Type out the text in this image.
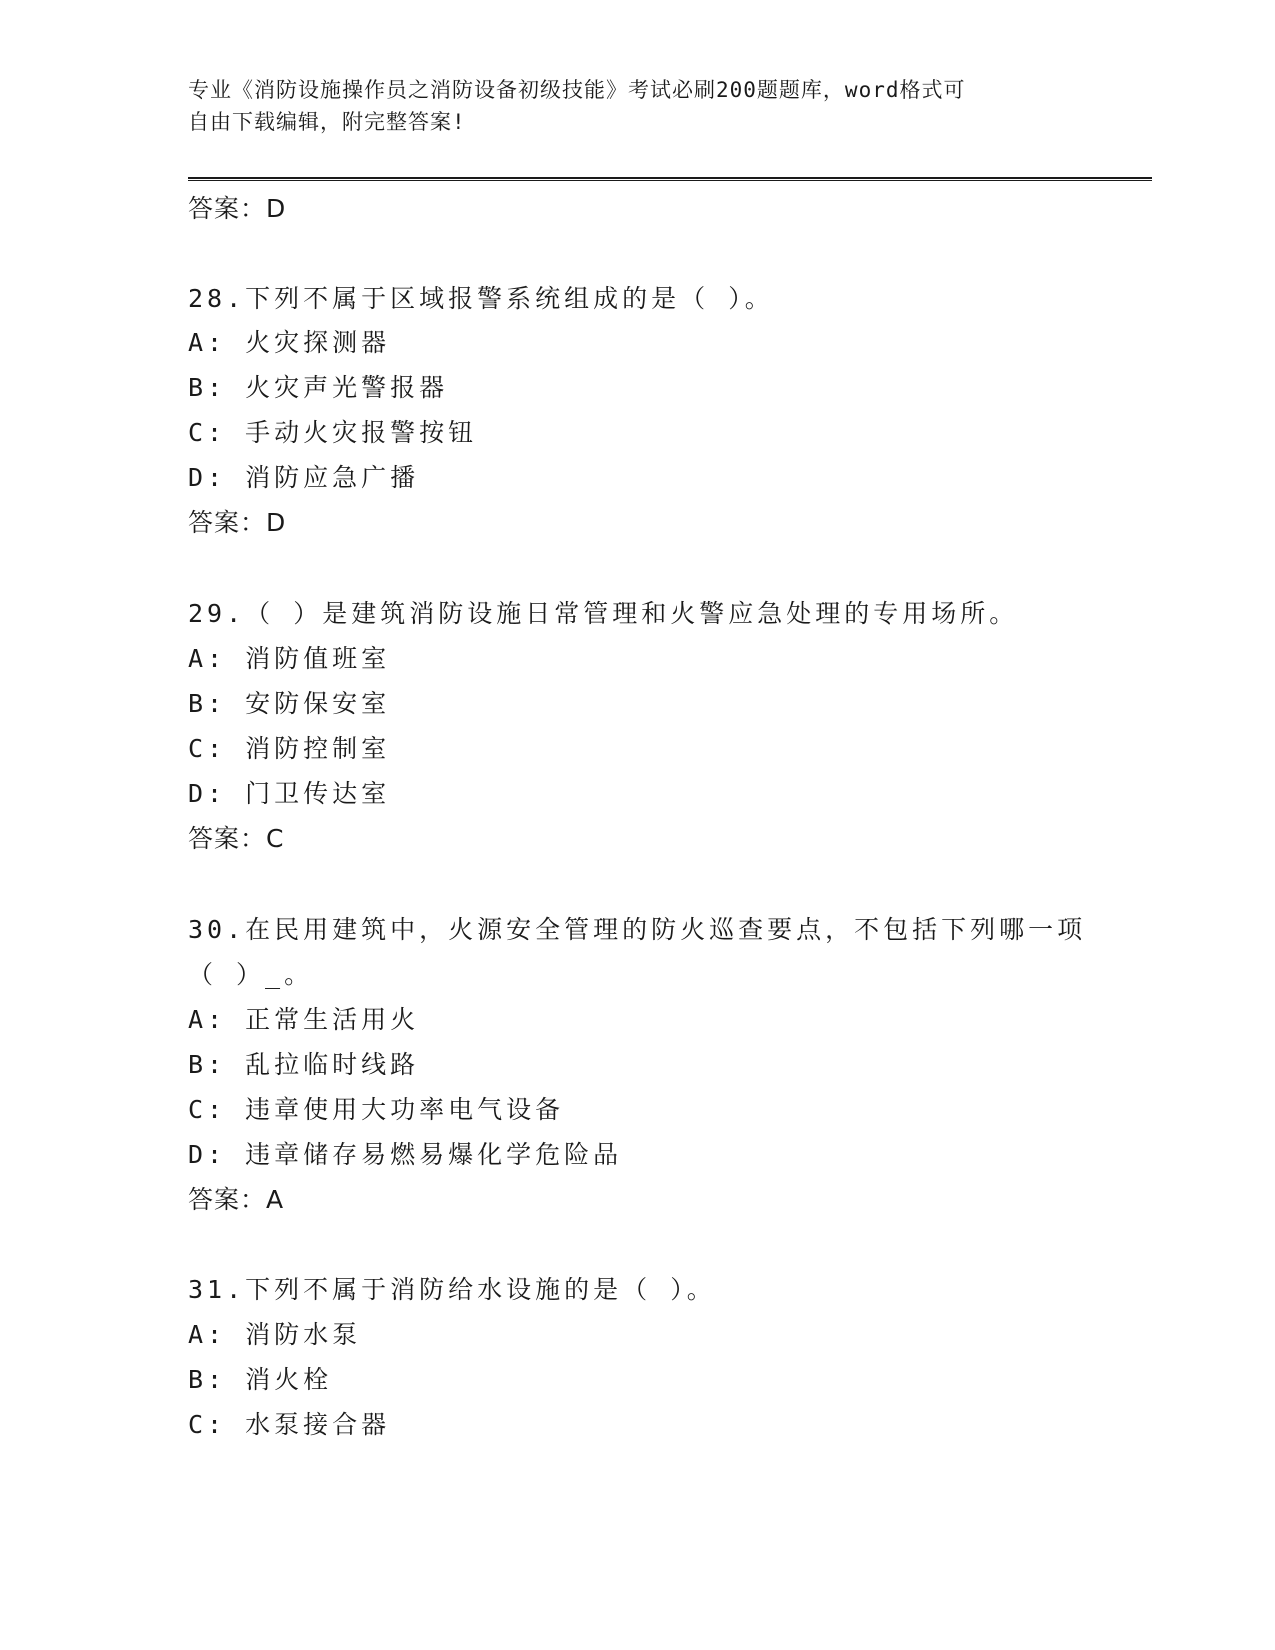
专业《消防设施操作员之消防设备初级技能》考试必刷200题题库，word格式可
自由下载编辑，附完整答案!
答案：D
28.下列不属于区域报警系统组成的是（ ）。
A: 火灾探测器
B: 火灾声光警报器
C: 手动火灾报警按钮
D: 消防应急广播
答案：D
29.（ ）是建筑消防设施日常管理和火警应急处理的专用场所。
A: 消防值班室
B: 安防保安室
C: 消防控制室
D: 门卫传达室
答案：C
30.在民用建筑中，火源安全管理的防火巡查要点，不包括下列哪一项
（ ）_。
A: 正常生活用火
B: 乱拉临时线路
C: 违章使用大功率电气设备
D: 违章储存易燃易爆化学危险品
答案：A
31.下列不属于消防给水设施的是（ ）。
A: 消防水泵
B: 消火栓
C: 水泵接合器
